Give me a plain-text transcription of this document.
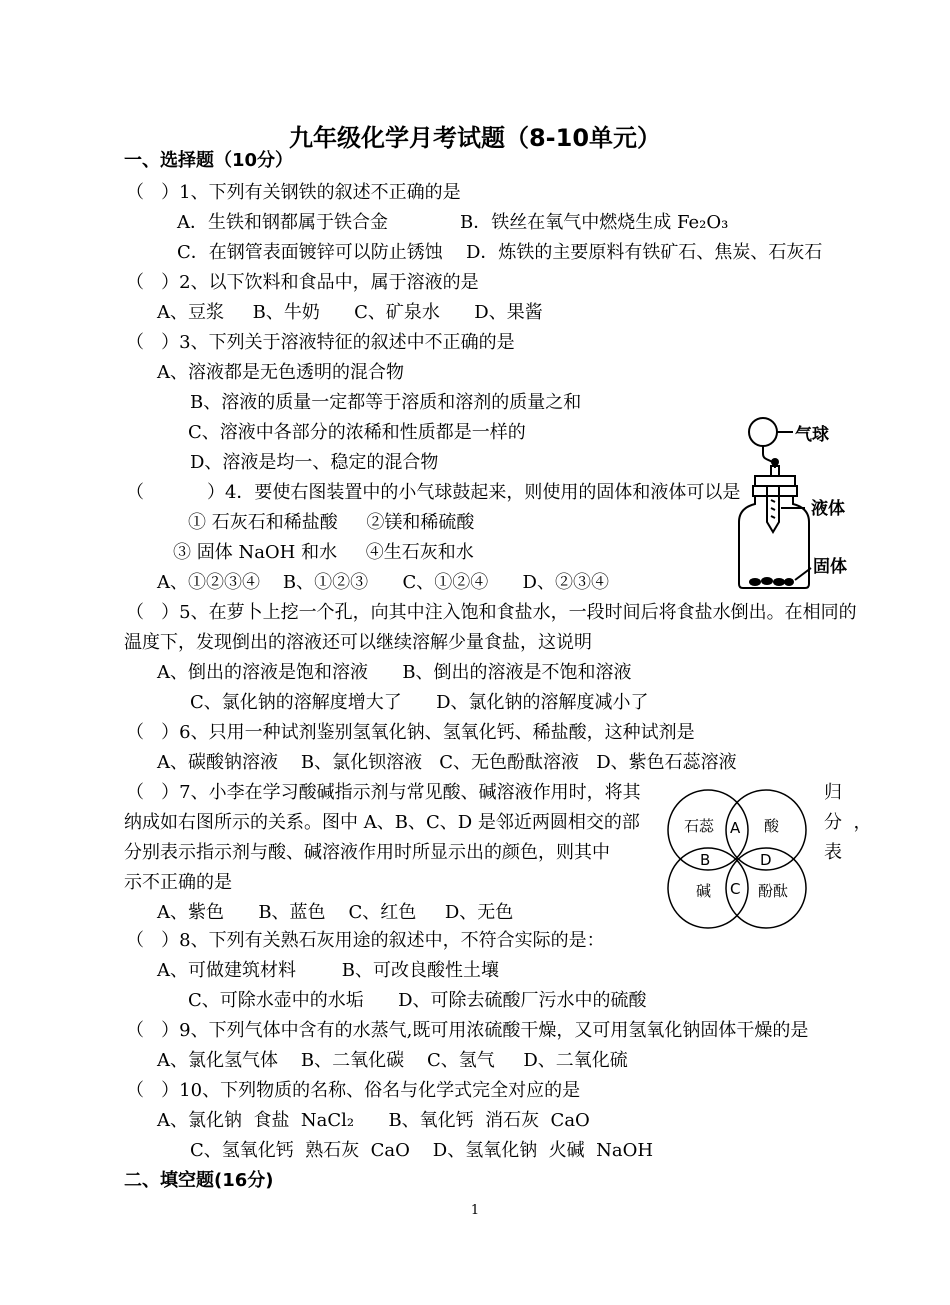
九年级化学月考试题（8-10单元）
一、选择题（10分）
（   ）1、下列有关钢铁的叙述不正确的是
A．生铁和钢都属于铁合金	B．铁丝在氧气中燃烧生成 Fe₂O₃
C．在钢管表面镀锌可以防止锈蚀 D．炼铁的主要原料有铁矿石、焦炭、石灰石
（   ）2、以下饮料和食品中，属于溶液的是
A、豆浆     B、牛奶      C、矿泉水      D、果酱
（   ）3、下列关于溶液特征的叙述中不正确的是
A、溶液都是无色透明的混合物
B、溶液的质量一定都等于溶质和溶剂的质量之和
C、溶液中各部分的浓稀和性质都是一样的
D、溶液是均一、稳定的混合物
（           ）4．要使右图装置中的小气球鼓起来，则使用的固体和液体可以是
① 石灰石和稀盐酸     ②镁和稀硫酸
③ 固体 NaOH 和水     ④生石灰和水
A、①②③④    B、①②③      C、①②④      D、②③④
气球
液体
固体
（   ）5、在萝卜上挖一个孔，向其中注入饱和食盐水，一段时间后将食盐水倒出。在相同的
温度下，发现倒出的溶液还可以继续溶解少量食盐，这说明
A、倒出的溶液是饱和溶液      B、倒出的溶液是不饱和溶液
C、氯化钠的溶解度增大了      D、氯化钠的溶解度减小了
（   ）6、只用一种试剂鉴别氢氧化钠、氢氧化钙、稀盐酸，这种试剂是
A、碳酸钠溶液    B、氯化钡溶液   C、无色酚酞溶液   D、紫色石蕊溶液
（   ）7、小李在学习酸碱指示剂与常见酸、碱溶液作用时，将其	归
纳成如右图所示的关系。图中 A、B、C、D 是邻近两圆相交的部	分  ，
分别表示指示剂与酸、碱溶液作用时所显示出的颜色，则其中	表
示不正确的是
A、紫色      B、蓝色    C、红色     D、无色
石蕊	酸
碱	酚酞
A
B
C
D
（   ）8、下列有关熟石灰用途的叙述中，不符合实际的是：
A、可做建筑材料        B、可改良酸性土壤
C、可除水壶中的水垢      D、可除去硫酸厂污水中的硫酸
（   ）9、下列气体中含有的水蒸气,既可用浓硫酸干燥，又可用氢氧化钠固体干燥的是
A、氯化氢气体    B、二氧化碳    C、氢气     D、二氧化硫
（   ）10、下列物质的名称、俗名与化学式完全对应的是
A、氯化钠  食盐  NaCl₂      B、氧化钙  消石灰  CaO
C、氢氧化钙  熟石灰  CaO    D、氢氧化钠  火碱  NaOH
二、填空题(16分)
1
